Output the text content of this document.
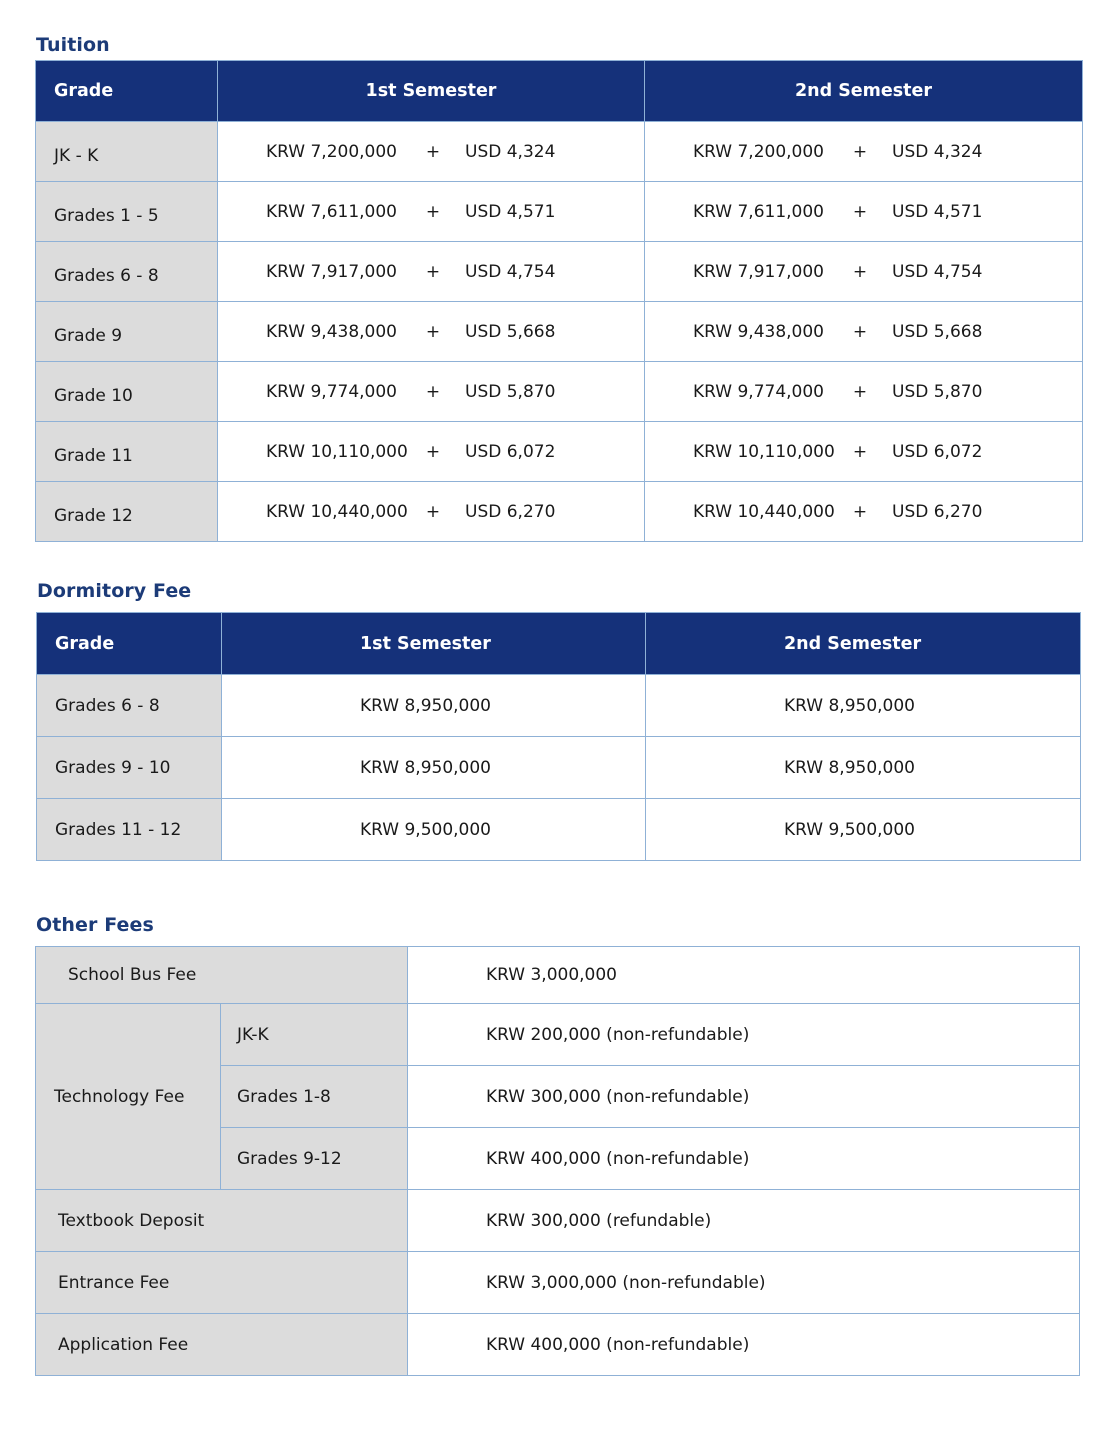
Tuition
Grade	1st Semester	2nd Semester
JK - K	KRW 7,200,000 + USD 4,324	KRW 7,200,000 + USD 4,324
Grades 1 - 5	KRW 7,611,000 + USD 4,571	KRW 7,611,000 + USD 4,571
Grades 6 - 8	KRW 7,917,000 + USD 4,754	KRW 7,917,000 + USD 4,754
Grade 9	KRW 9,438,000 + USD 5,668	KRW 9,438,000 + USD 5,668
Grade 10	KRW 9,774,000 + USD 5,870	KRW 9,774,000 + USD 5,870
Grade 11	KRW 10,110,000 + USD 6,072	KRW 10,110,000 + USD 6,072
Grade 12	KRW 10,440,000 + USD 6,270	KRW 10,440,000 + USD 6,270
Dormitory Fee
Grade	1st Semester	2nd Semester
Grades 6 - 8	KRW 8,950,000	KRW 8,950,000
Grades 9 - 10	KRW 8,950,000	KRW 8,950,000
Grades 11 - 12	KRW 9,500,000	KRW 9,500,000
Other Fees
School Bus Fee		KRW 3,000,000
Technology Fee	JK-K	KRW 200,000 (non-refundable)
	Grades 1-8	KRW 300,000 (non-refundable)
	Grades 9-12	KRW 400,000 (non-refundable)
Textbook Deposit		KRW 300,000 (refundable)
Entrance Fee		KRW 3,000,000 (non-refundable)
Application Fee		KRW 400,000 (non-refundable)
